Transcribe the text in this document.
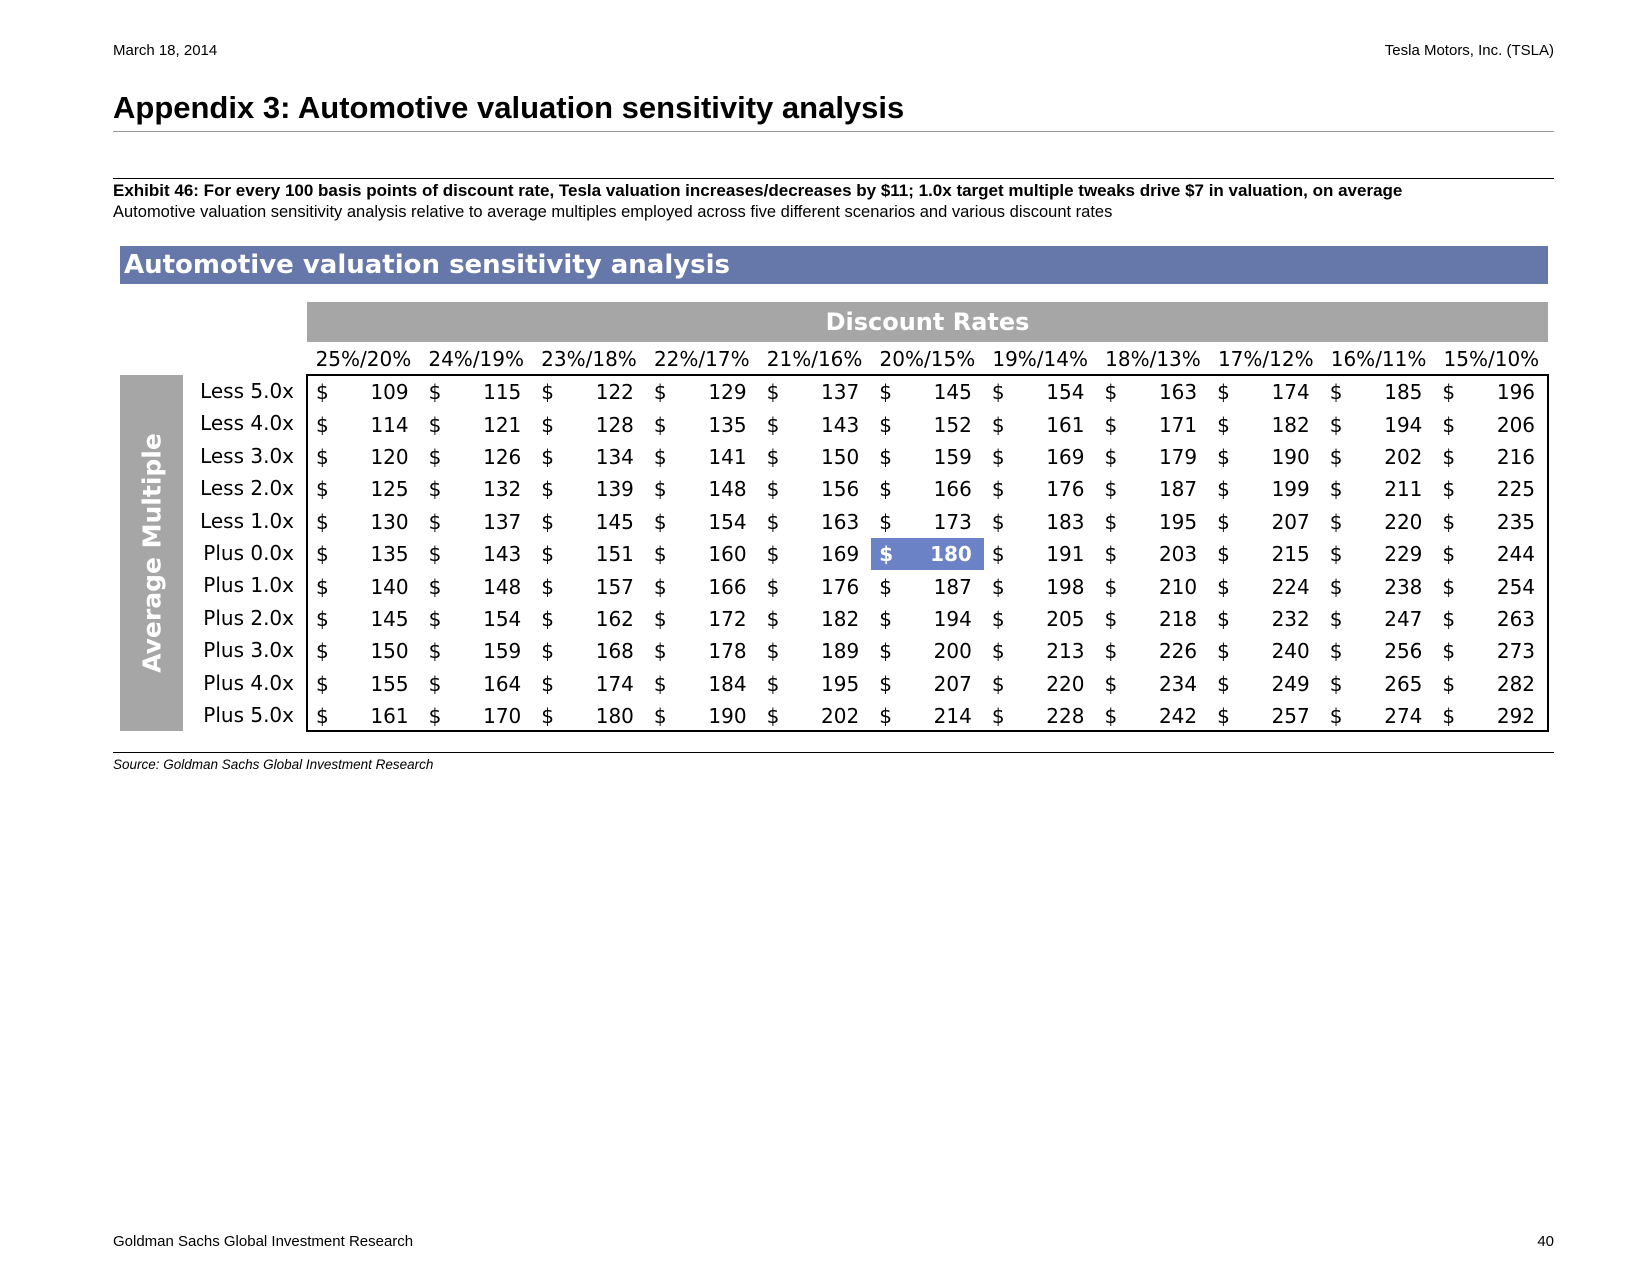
March 18, 2014	Tesla Motors, Inc. (TSLA)
Appendix 3: Automotive valuation sensitivity analysis
Exhibit 46: For every 100 basis points of discount rate, Tesla valuation increases/decreases by $11; 1.0x target multiple tweaks drive $7 in valuation, on average
Automotive valuation sensitivity analysis relative to average multiples employed across five different scenarios and various discount rates
Automotive valuation sensitivity analysis
Discount Rates
25%/20% 24%/19% 23%/18% 22%/17% 21%/16% 20%/15% 19%/14% 18%/13% 17%/12% 16%/11% 15%/10%
Average Multiple
Less 5.0x
Less 4.0x
Less 3.0x
Less 2.0x
Less 1.0x
Plus 0.0x
Plus 1.0x
Plus 2.0x
Plus 3.0x
Plus 4.0x
Plus 5.0x
$ 109 $ 115 $ 122 $ 129 $ 137 $ 145 $ 154 $ 163 $ 174 $ 185 $ 196
$ 114 $ 121 $ 128 $ 135 $ 143 $ 152 $ 161 $ 171 $ 182 $ 194 $ 206
$ 120 $ 126 $ 134 $ 141 $ 150 $ 159 $ 169 $ 179 $ 190 $ 202 $ 216
$ 125 $ 132 $ 139 $ 148 $ 156 $ 166 $ 176 $ 187 $ 199 $ 211 $ 225
$ 130 $ 137 $ 145 $ 154 $ 163 $ 173 $ 183 $ 195 $ 207 $ 220 $ 235
$ 135 $ 143 $ 151 $ 160 $ 169 $ 180 $ 191 $ 203 $ 215 $ 229 $ 244
$ 140 $ 148 $ 157 $ 166 $ 176 $ 187 $ 198 $ 210 $ 224 $ 238 $ 254
$ 145 $ 154 $ 162 $ 172 $ 182 $ 194 $ 205 $ 218 $ 232 $ 247 $ 263
$ 150 $ 159 $ 168 $ 178 $ 189 $ 200 $ 213 $ 226 $ 240 $ 256 $ 273
$ 155 $ 164 $ 174 $ 184 $ 195 $ 207 $ 220 $ 234 $ 249 $ 265 $ 282
$ 161 $ 170 $ 180 $ 190 $ 202 $ 214 $ 228 $ 242 $ 257 $ 274 $ 292
Source: Goldman Sachs Global Investment Research
Goldman Sachs Global Investment Research	40
